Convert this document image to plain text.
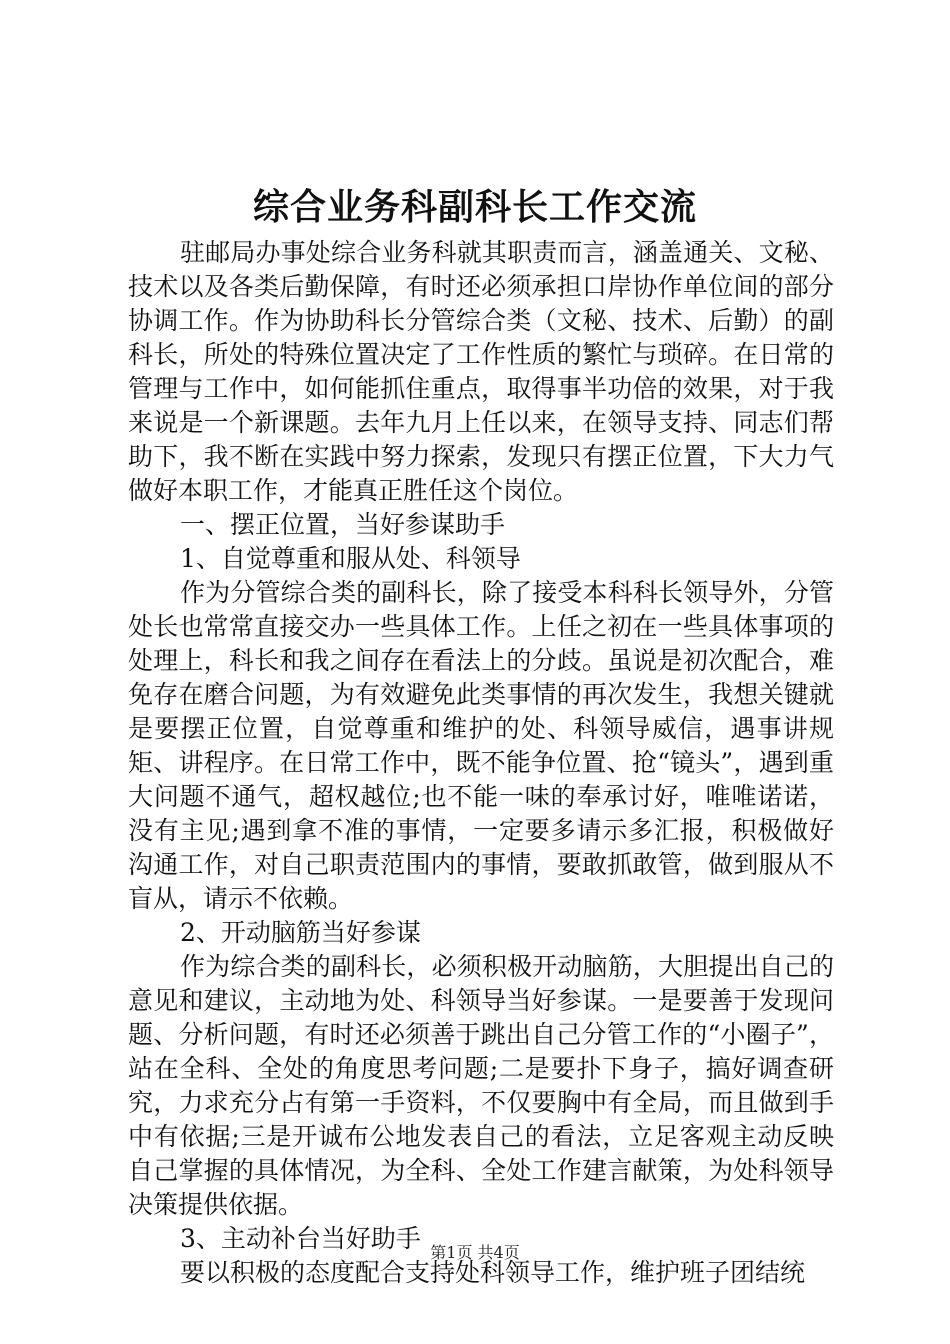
综合业务科副科长工作交流

驻邮局办事处综合业务科就其职责而言，涵盖通关、文秘、技术以及各类后勤保障，有时还必须承担口岸协作单位间的部分协调工作。作为协助科长分管综合类（文秘、技术、后勤）的副科长，所处的特殊位置决定了工作性质的繁忙与琐碎。在日常的管理与工作中，如何能抓住重点，取得事半功倍的效果，对于我来说是一个新课题。去年九月上任以来，在领导支持、同志们帮助下，我不断在实践中努力探索，发现只有摆正位置，下大力气做好本职工作，才能真正胜任这个岗位。

一、摆正位置，当好参谋助手

1、自觉尊重和服从处、科领导

作为分管综合类的副科长，除了接受本科科长领导外，分管处长也常常直接交办一些具体工作。上任之初在一些具体事项的处理上，科长和我之间存在看法上的分歧。虽说是初次配合，难免存在磨合问题，为有效避免此类事情的再次发生，我想关键就是要摆正位置，自觉尊重和维护的处、科领导威信，遇事讲规矩、讲程序。在日常工作中，既不能争位置、抢“镜头”，遇到重大问题不通气，超权越位;也不能一味的奉承讨好，唯唯诺诺，没有主见;遇到拿不准的事情，一定要多请示多汇报，积极做好沟通工作，对自己职责范围内的事情，要敢抓敢管，做到服从不盲从，请示不依赖。

2、开动脑筋当好参谋

作为综合类的副科长，必须积极开动脑筋，大胆提出自己的意见和建议，主动地为处、科领导当好参谋。一是要善于发现问题、分析问题，有时还必须善于跳出自己分管工作的“小圈子”，站在全科、全处的角度思考问题;二是要扑下身子，搞好调查研究，力求充分占有第一手资料，不仅要胸中有全局，而且做到手中有依据;三是开诚布公地发表自己的看法，立足客观主动反映自己掌握的具体情况，为全科、全处工作建言献策，为处科领导决策提供依据。

3、主动补台当好助手

要以积极的态度配合支持处科领导工作，维护班子团结统

第1页 共4页
